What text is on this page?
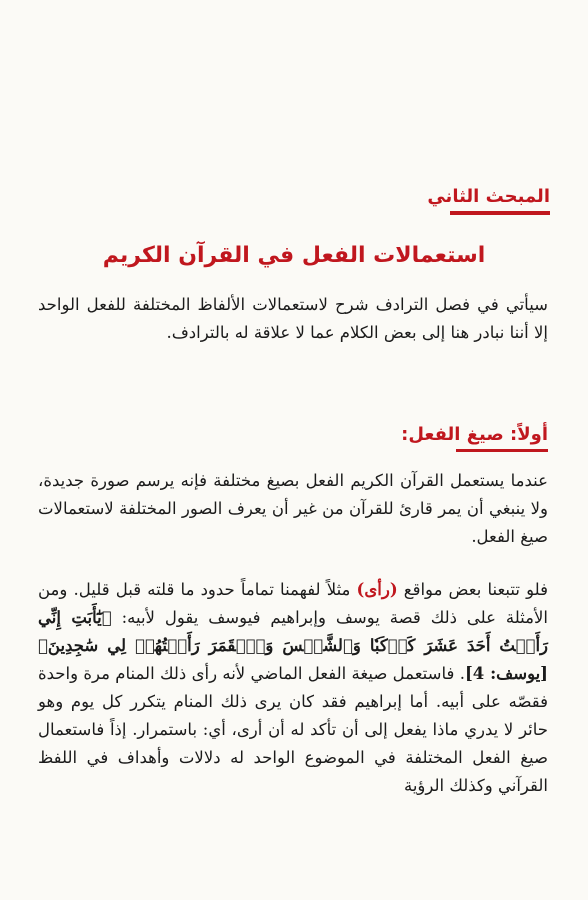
المبحث الثاني
استعمالات الفعل في القرآن الكريم

سيأتي في فصل الترادف شرح لاستعمالات الألفاظ المختلفة للفعل الواحد إلا أننا نبادر هنا إلى بعض الكلام عما لا علاقة له بالترادف.

أولاً: صيغ الفعل:

عندما يستعمل القرآن الكريم الفعل بصيغ مختلفة فإنه يرسم صورة جديدة، ولا ينبغي أن يمر قارئ للقرآن من غير أن يعرف الصور المختلفة لاستعمالات صيغ الفعل.

فلو تتبعنا بعض مواقع (رأى) مثلاً لفهمنا تماماً حدود ما قلته قبل قليل. ومن الأمثلة على ذلك قصة يوسف وإبراهيم فيوسف يقول لأبيه: ﴿يَٰٓأَبَتِ إِنِّي رَأَيۡتُ أَحَدَ عَشَرَ كَوۡكَبٗا وَٱلشَّمۡسَ وَٱلۡقَمَرَ رَأَيۡتُهُمۡ لِي سَٰجِدِينَ﴾ [يوسف: 4]. فاستعمل صيغة الفعل الماضي لأنه رأى ذلك المنام مرة واحدة فقصّه على أبيه. أما إبراهيم فقد كان يرى ذلك المنام يتكرر كل يوم وهو حائر لا يدري ماذا يفعل إلى أن تأكد له أن أرى، أي: باستمرار. إذاً فاستعمال صيغ الفعل المختلفة في الموضوع الواحد له دلالات وأهداف في اللفظ القرآني وكذلك الرؤية
